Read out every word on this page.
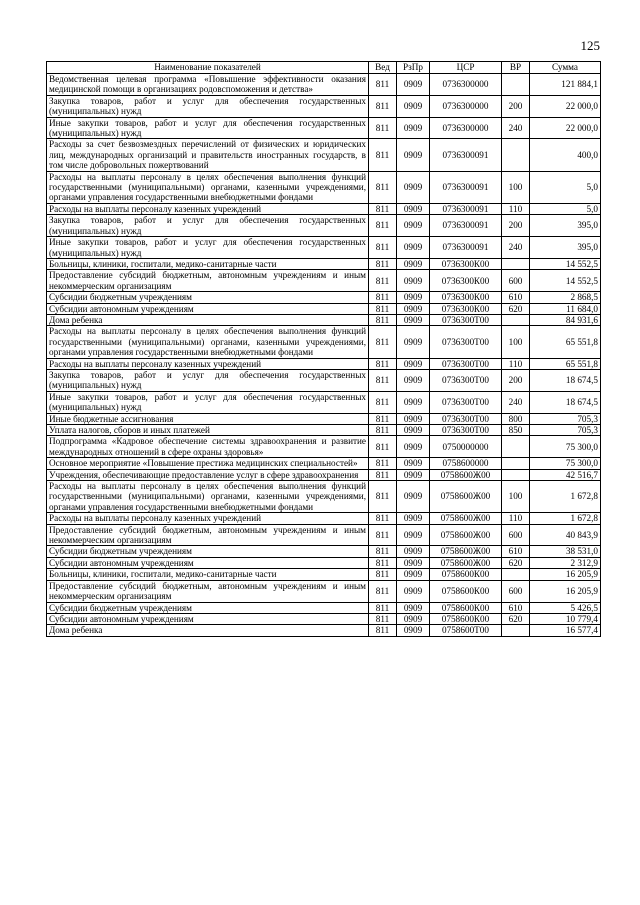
125
Наименование показателей	Вед	РзПр	ЦСР	ВР	Сумма
Ведомственная целевая программа «Повышение эффективности оказания медицинской помощи в организациях родовспоможения и детства»	811	0909	0736300000		121 884,1
Закупка товаров, работ и услуг для обеспечения государственных (муниципальных) нужд	811	0909	0736300000	200	22 000,0
Иные закупки товаров, работ и услуг для обеспечения государственных (муниципальных) нужд	811	0909	0736300000	240	22 000,0
Расходы за счет безвозмездных перечислений от физических и юридических лиц, международных организаций и правительств иностранных государств, в том числе добровольных пожертвований	811	0909	0736300091		400,0
Расходы на выплаты персоналу в целях обеспечения выполнения функций государственными (муниципальными) органами, казенными учреждениями, органами управления государственными внебюджетными фондами	811	0909	0736300091	100	5,0
Расходы на выплаты персоналу казенных учреждений	811	0909	0736300091	110	5,0
Закупка товаров, работ и услуг для обеспечения государственных (муниципальных) нужд	811	0909	0736300091	200	395,0
Иные закупки товаров, работ и услуг для обеспечения государственных (муниципальных) нужд	811	0909	0736300091	240	395,0
Больницы, клиники, госпитали, медико-санитарные части	811	0909	0736300К00		14 552,5
Предоставление субсидий бюджетным, автономным учреждениям и иным некоммерческим организациям	811	0909	0736300К00	600	14 552,5
Субсидии бюджетным учреждениям	811	0909	0736300К00	610	2 868,5
Субсидии автономным учреждениям	811	0909	0736300К00	620	11 684,0
Дома ребенка	811	0909	0736300Т00		84 931,6
Расходы на выплаты персоналу в целях обеспечения выполнения функций государственными (муниципальными) органами, казенными учреждениями, органами управления государственными внебюджетными фондами	811	0909	0736300Т00	100	65 551,8
Расходы на выплаты персоналу казенных учреждений	811	0909	0736300Т00	110	65 551,8
Закупка товаров, работ и услуг для обеспечения государственных (муниципальных) нужд	811	0909	0736300Т00	200	18 674,5
Иные закупки товаров, работ и услуг для обеспечения государственных (муниципальных) нужд	811	0909	0736300Т00	240	18 674,5
Иные бюджетные ассигнования	811	0909	0736300Т00	800	705,3
Уплата налогов, сборов и иных платежей	811	0909	0736300Т00	850	705,3
Подпрограмма «Кадровое обеспечение системы здравоохранения и развитие международных отношений в сфере охраны здоровья»	811	0909	0750000000		75 300,0
Основное мероприятие «Повышение престижа медицинских специальностей»	811	0909	0758600000		75 300,0
Учреждения, обеспечивающие предоставление услуг в сфере здравоохранения	811	0909	0758600Ж00		42 516,7
Расходы на выплаты персоналу в целях обеспечения выполнения функций государственными (муниципальными) органами, казенными учреждениями, органами управления государственными внебюджетными фондами	811	0909	0758600Ж00	100	1 672,8
Расходы на выплаты персоналу казенных учреждений	811	0909	0758600Ж00	110	1 672,8
Предоставление субсидий бюджетным, автономным учреждениям и иным некоммерческим организациям	811	0909	0758600Ж00	600	40 843,9
Субсидии бюджетным учреждениям	811	0909	0758600Ж00	610	38 531,0
Субсидии автономным учреждениям	811	0909	0758600Ж00	620	2 312,9
Больницы, клиники, госпитали, медико-санитарные части	811	0909	0758600К00		16 205,9
Предоставление субсидий бюджетным, автономным учреждениям и иным некоммерческим организациям	811	0909	0758600К00	600	16 205,9
Субсидии бюджетным учреждениям	811	0909	0758600К00	610	5 426,5
Субсидии автономным учреждениям	811	0909	0758600К00	620	10 779,4
Дома ребенка	811	0909	0758600Т00		16 577,4
